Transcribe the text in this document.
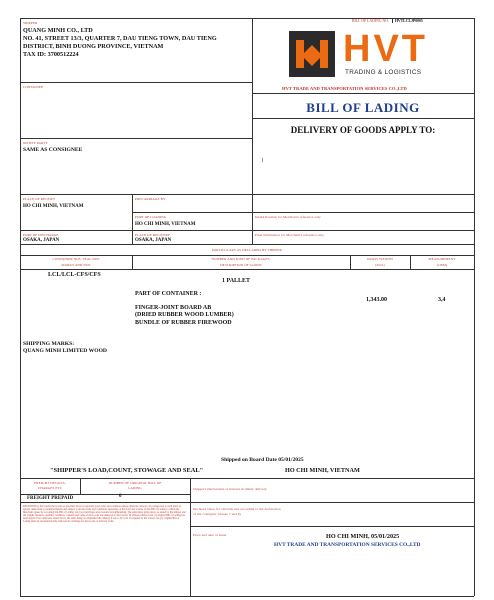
SHIPPER
QUANG MINH CO., LTD
NO. 41, STREET 13/3, QUARTER 7, DAU TIENG TOWN, DAU TIENG
DISTRICT, BINH DUONG PROVINCE, VIETNAM
TAX ID: 3700512224
BILL OF LADING NO. HVTLCLJP0005
HVT
TRADING & LOGISTICS
HVT TRADE AND TRANSPORTATION SERVICES CO.,LTD
BILL OF LADING
DELIVERY OF GOODS APPLY TO:
CONSIGNEE
NOTIFY PARTY
SAME AS CONSIGNEE
PLACE OF RECEIPT
HO CHI MINH, VIETNAM
PRECARRIAGE BY
PORT OF LOADING
HO CHI MINH, VIETNAM
Inland Routing for Merchant's reference only
PORT OF DISCHARGE
OSAKA, JAPAN
PLACE OF DELIVERY
OSAKA, JAPAN
Final Destination for Merchant's reference only
PARTICULARS AS DECLARED BY SHIPPER
CONTAINER NOS. SEAL NOS
MARKS AND NOS
NUMBER AND KIND OF PACKAGES,
DESCRIPTION OF GOODS
GROSS WEIGHT
(KGS)
MEASUREMENT
(CBM)
LCL/LCL-CFS/CFS
1 PALLET
PART OF CONTAINER :
FINGER-JOINT BOARD AB
(DRIED RUBBER WOOD LUMBER)
BUNDLE OF RUBBER FIREWOOD
1,343.00	3,4
SHIPPING MARKS:
QUANG MINH LIMITED WOOD
Shipped on Board Date 05/01/2025
"SHIPPER'S LOAD,COUNT, STOWAGE AND SEAL"	HO CHI MINH, VIETNAM
FREIGHT DETAILS,
CHARGES ETC
NUMBER OF ORIGINAL BILL OF
LADING	Shipper's Declaration of interest in timely delivery
FREIGHT PREPAID	0
RECEIVED by the Carrier the Goods as specified above in apparent good order and condition unless otherwise stated, to be transported to such place as agreed, authorized or permitted herein and subject to all the terms and conditions appearing on the front and reverse of this Bill of Lading to which the Merchant agrees by accepting this Bill of Lading, any local privileges and customs notwithstanding. The particulars given above as stated by the shipper and the weight, measure, quantity, condition, contents and value of the Goods are unknown to the Carrier. In witness whereof one (1) original Bill of Lading has been signed if not otherwise stated above, the same being accomplished the other(s) if any to be void. If required by the Carrier one (1) original Bill of Lading must be surrendered duly endorsed in exchange for the Goods or delivery order.
Declared value for valorem rate according to the declaration
of the consignor (clause 7 and 8)
Place and date of Issue	HO CHI MINH, 05/01/2025
HVT TRADE AND TRANSPORTATION SERVICES CO.,LTD
